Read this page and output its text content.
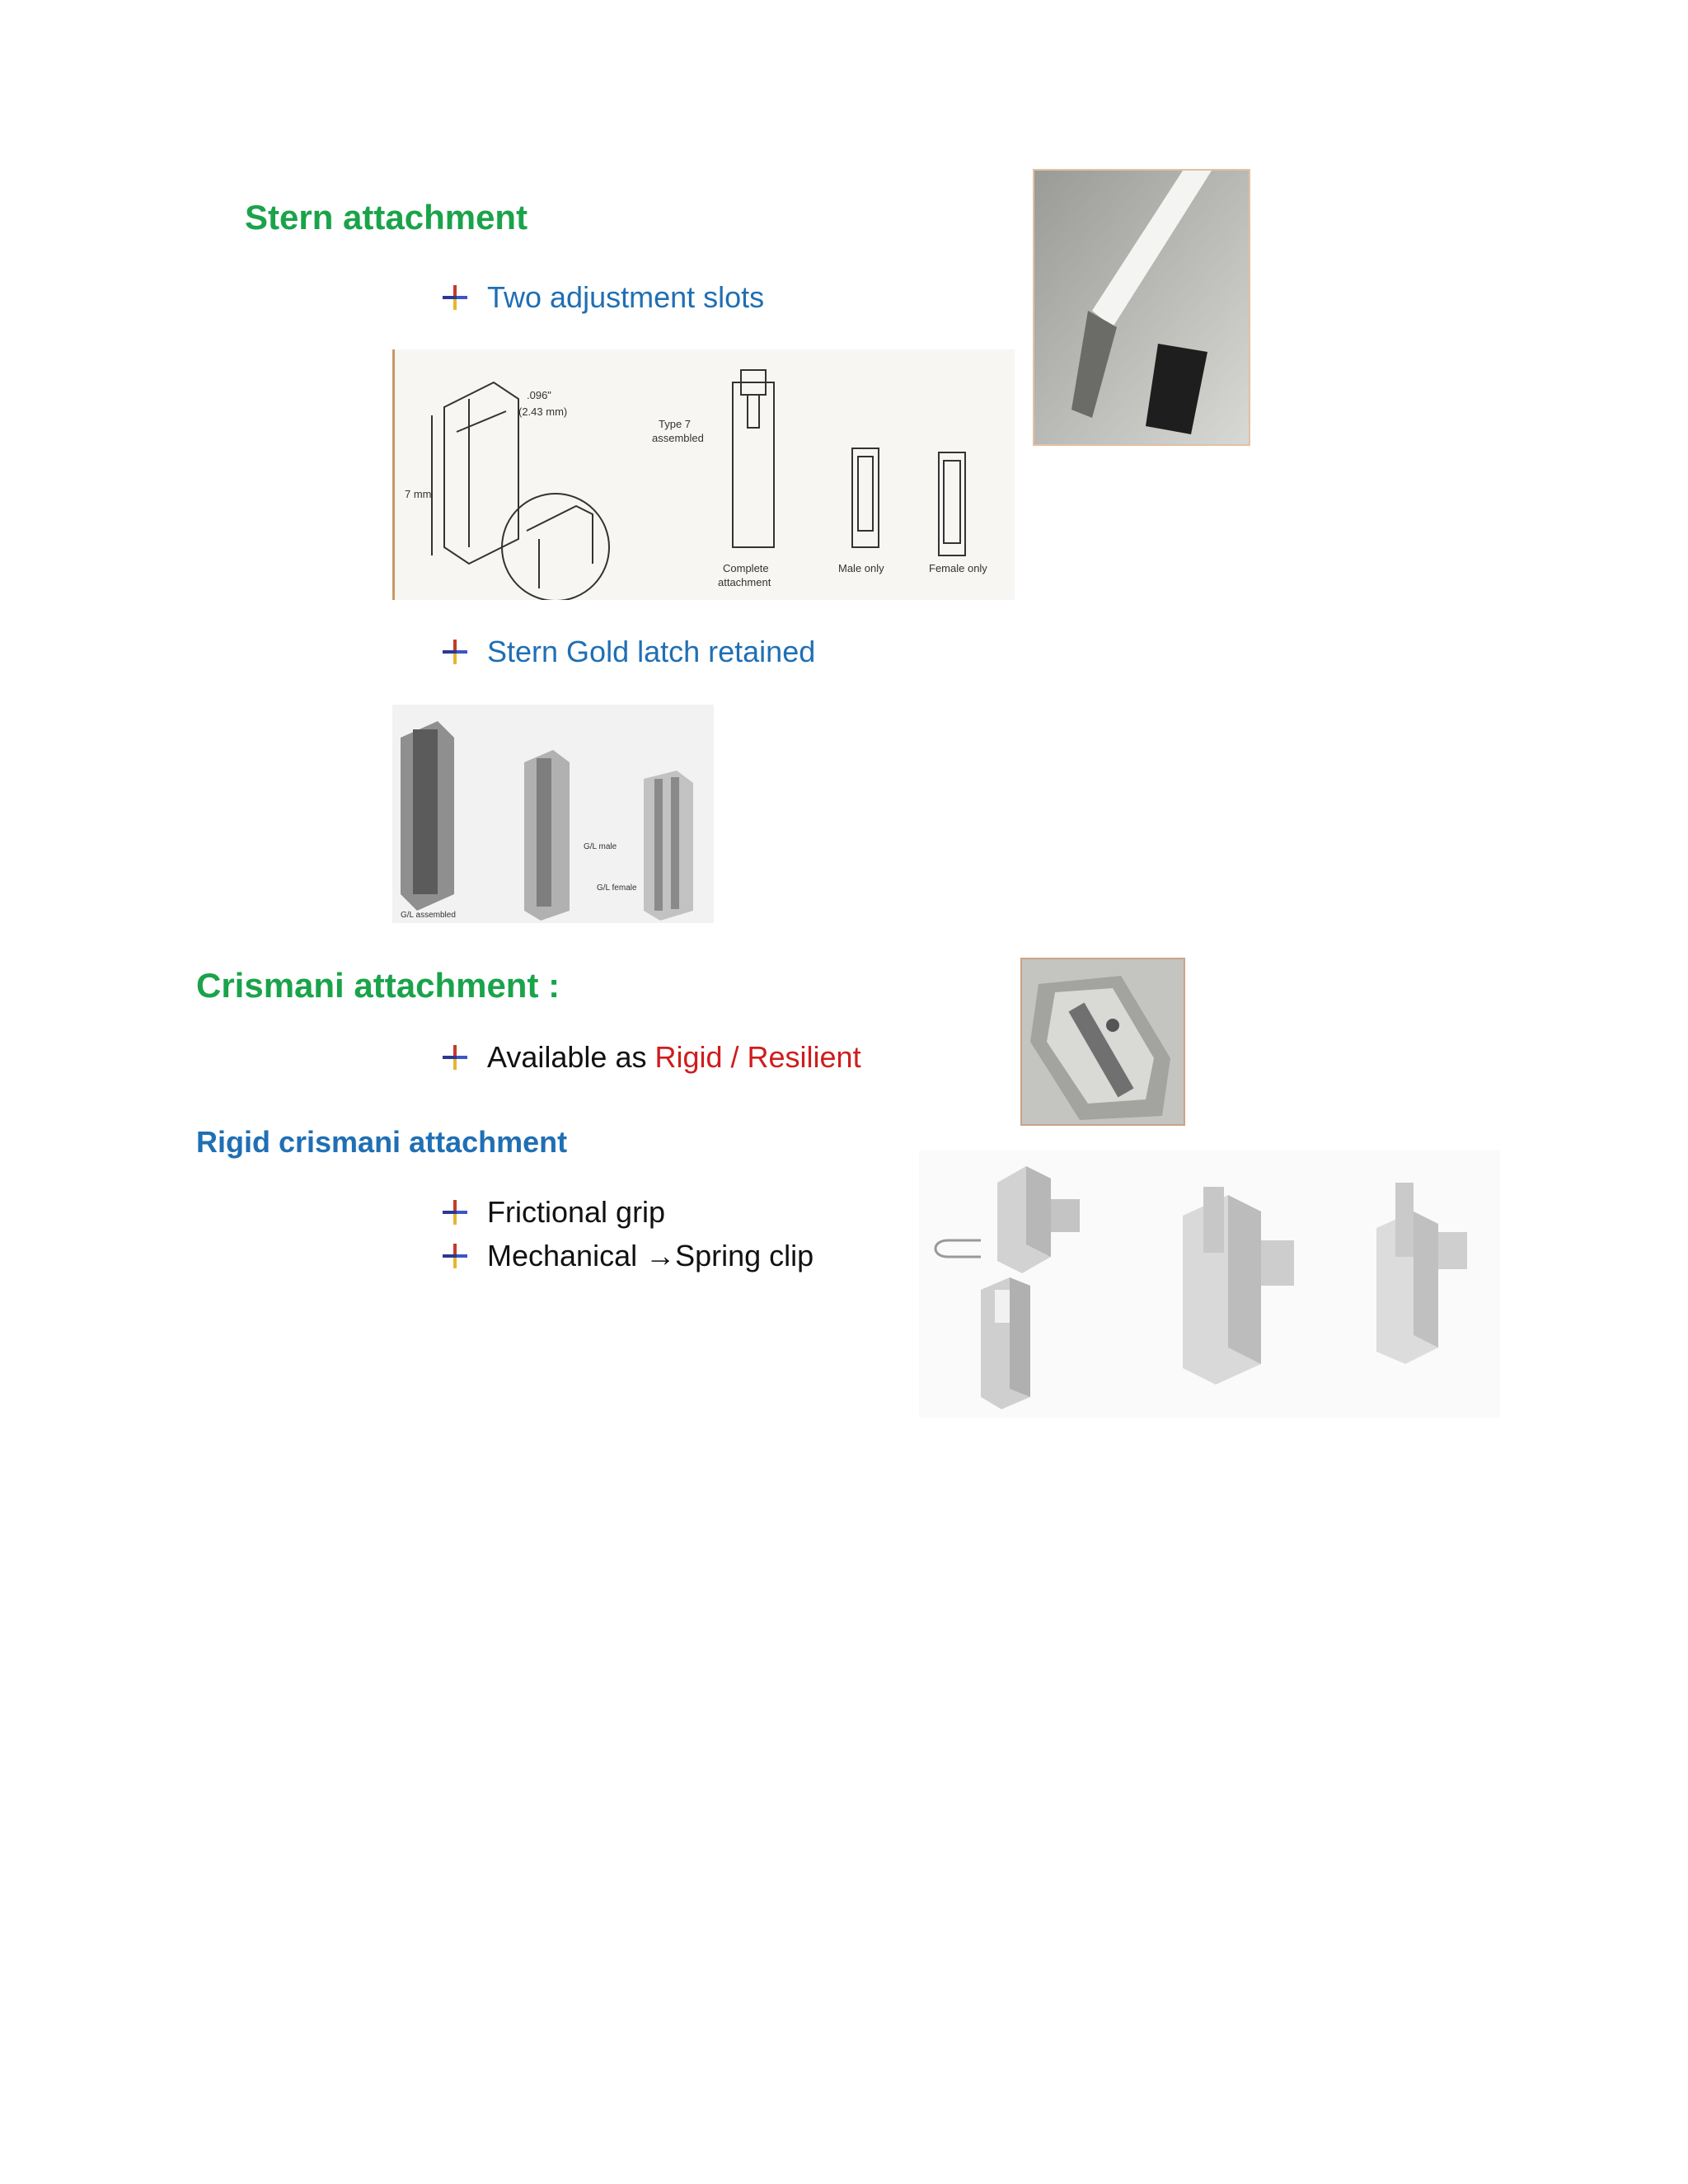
Stern attachment
Two adjustment slots
.096"
(2.43 mm)
7 mm
Type 7
assembled
Complete
attachment
Male only	Female only
Stern Gold latch retained
G/L assembled
G/L male
G/L female
Crismani attachment :
Available as Rigid / Resilient
Rigid crismani attachment
Frictional grip
Mechanical → Spring clip
